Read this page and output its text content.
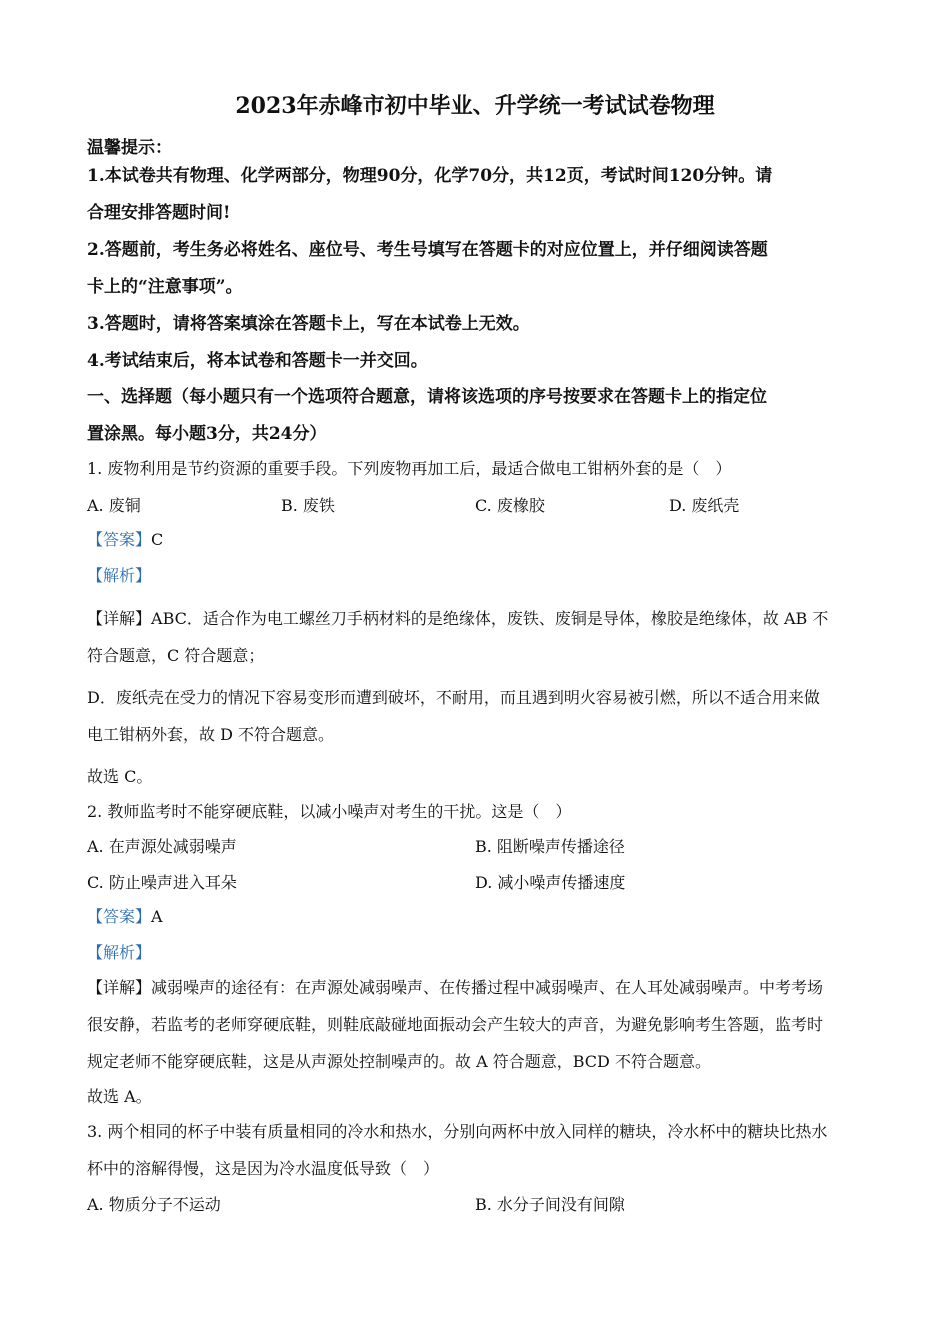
2023年赤峰市初中毕业、升学统一考试试卷物理
温馨提示：
1.本试卷共有物理、化学两部分，物理90分，化学70分，共12页，考试时间120分钟。请
合理安排答题时间!
2.答题前，考生务必将姓名、座位号、考生号填写在答题卡的对应位置上，并仔细阅读答题
卡上的“注意事项”。
3.答题时，请将答案填涂在答题卡上，写在本试卷上无效。
4.考试结束后，将本试卷和答题卡一并交回。
一、选择题（每小题只有一个选项符合题意，请将该选项的序号按要求在答题卡上的指定位
置涂黑。每小题3分，共24分）
1. 废物利用是节约资源的重要手段。下列废物再加工后，最适合做电工钳柄外套的是（　）
A. 废铜	B. 废铁	C. 废橡胶	D. 废纸壳
【答案】C
【解析】
【详解】ABC．适合作为电工螺丝刀手柄材料的是绝缘体，废铁、废铜是导体，橡胶是绝缘体，故 AB 不
符合题意，C 符合题意；
D．废纸壳在受力的情况下容易变形而遭到破坏，不耐用，而且遇到明火容易被引燃，所以不适合用来做
电工钳柄外套，故 D 不符合题意。
故选 C。
2. 教师监考时不能穿硬底鞋，以减小噪声对考生的干扰。这是（　）
A. 在声源处减弱噪声	B. 阻断噪声传播途径
C. 防止噪声进入耳朵	D. 减小噪声传播速度
【答案】A
【解析】
【详解】减弱噪声的途径有：在声源处减弱噪声、在传播过程中减弱噪声、在人耳处减弱噪声。中考考场
很安静，若监考的老师穿硬底鞋，则鞋底敲碰地面振动会产生较大的声音，为避免影响考生答题，监考时
规定老师不能穿硬底鞋，这是从声源处控制噪声的。故 A 符合题意，BCD 不符合题意。
故选 A。
3. 两个相同的杯子中装有质量相同的冷水和热水，分别向两杯中放入同样的糖块，冷水杯中的糖块比热水
杯中的溶解得慢，这是因为冷水温度低导致（　）
A. 物质分子不运动	B. 水分子间没有间隙
